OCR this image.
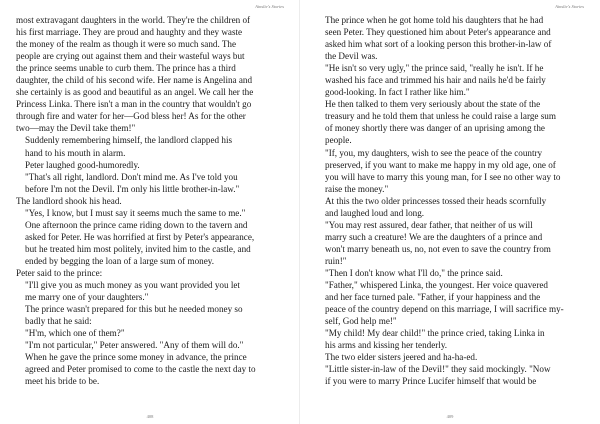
Ainslie's Stories

most extravagant daughters in the world. They're the children of
his first marriage. They are proud and haughty and they waste
the money of the realm as though it were so much sand. The
people are crying out against them and their wasteful ways but
the prince seems unable to curb them. The prince has a third
daughter, the child of his second wife. Her name is Angelina and
she certainly is as good and beautiful as an angel. We call her the
Princess Linka. There isn't a man in the country that wouldn't go
through fire and water for her—God bless her! As for the other
two—may the Devil take them!"

Suddenly remembering himself, the landlord clapped his
hand to his mouth in alarm.

Peter laughed good-humoredly.

"That's all right, landlord. Don't mind me. As I've told you
before I'm not the Devil. I'm only his little brother-in-law."

The landlord shook his head.

"Yes, I know, but I must say it seems much the same to me."
One afternoon the prince came riding down to the tavern and
asked for Peter. He was horrified at first by Peter's appearance,
but he treated him most politely, invited him to the castle, and
ended by begging the loan of a large sum of money.

Peter said to the prince:

"I'll give you as much money as you want provided you let
me marry one of your daughters."

The prince wasn't prepared for this but he needed money so
badly that he said:

"H'm, which one of them?"

"I'm not particular," Peter answered. "Any of them will do."

When he gave the prince some money in advance, the prince
agreed and Peter promised to come to the castle the next day to
meet his bride to be.

408
Ainslie's Stories

The prince when he got home told his daughters that he had
seen Peter. They questioned him about Peter's appearance and
asked him what sort of a looking person this brother-in-law of
the Devil was.

"He isn't so very ugly," the prince said, "really he isn't. If he
washed his face and trimmed his hair and nails he'd be fairly
good-looking. In fact I rather like him."

He then talked to them very seriously about the state of the
treasury and he told them that unless he could raise a large sum
of money shortly there was danger of an uprising among the
people.

"If, you, my daughters, wish to see the peace of the country
preserved, if you want to make me happy in my old age, one of
you will have to marry this young man, for I see no other way to
raise the money."

At this the two older princesses tossed their heads scornfully
and laughed loud and long.

"You may rest assured, dear father, that neither of us will
marry such a creature! We are the daughters of a prince and
won't marry beneath us, no, not even to save the country from
ruin!"

"Then I don't know what I'll do," the prince said.

"Father," whispered Linka, the youngest. Her voice quavered
and her face turned pale. "Father, if your happiness and the
peace of the country depend on this marriage, I will sacrifice my-
self, God help me!"

"My child! My dear child!" the prince cried, taking Linka in
his arms and kissing her tenderly.

The two elder sisters jeered and ha-ha-ed.

"Little sister-in-law of the Devil!" they said mockingly. "Now
if you were to marry Prince Lucifer himself that would be

409
